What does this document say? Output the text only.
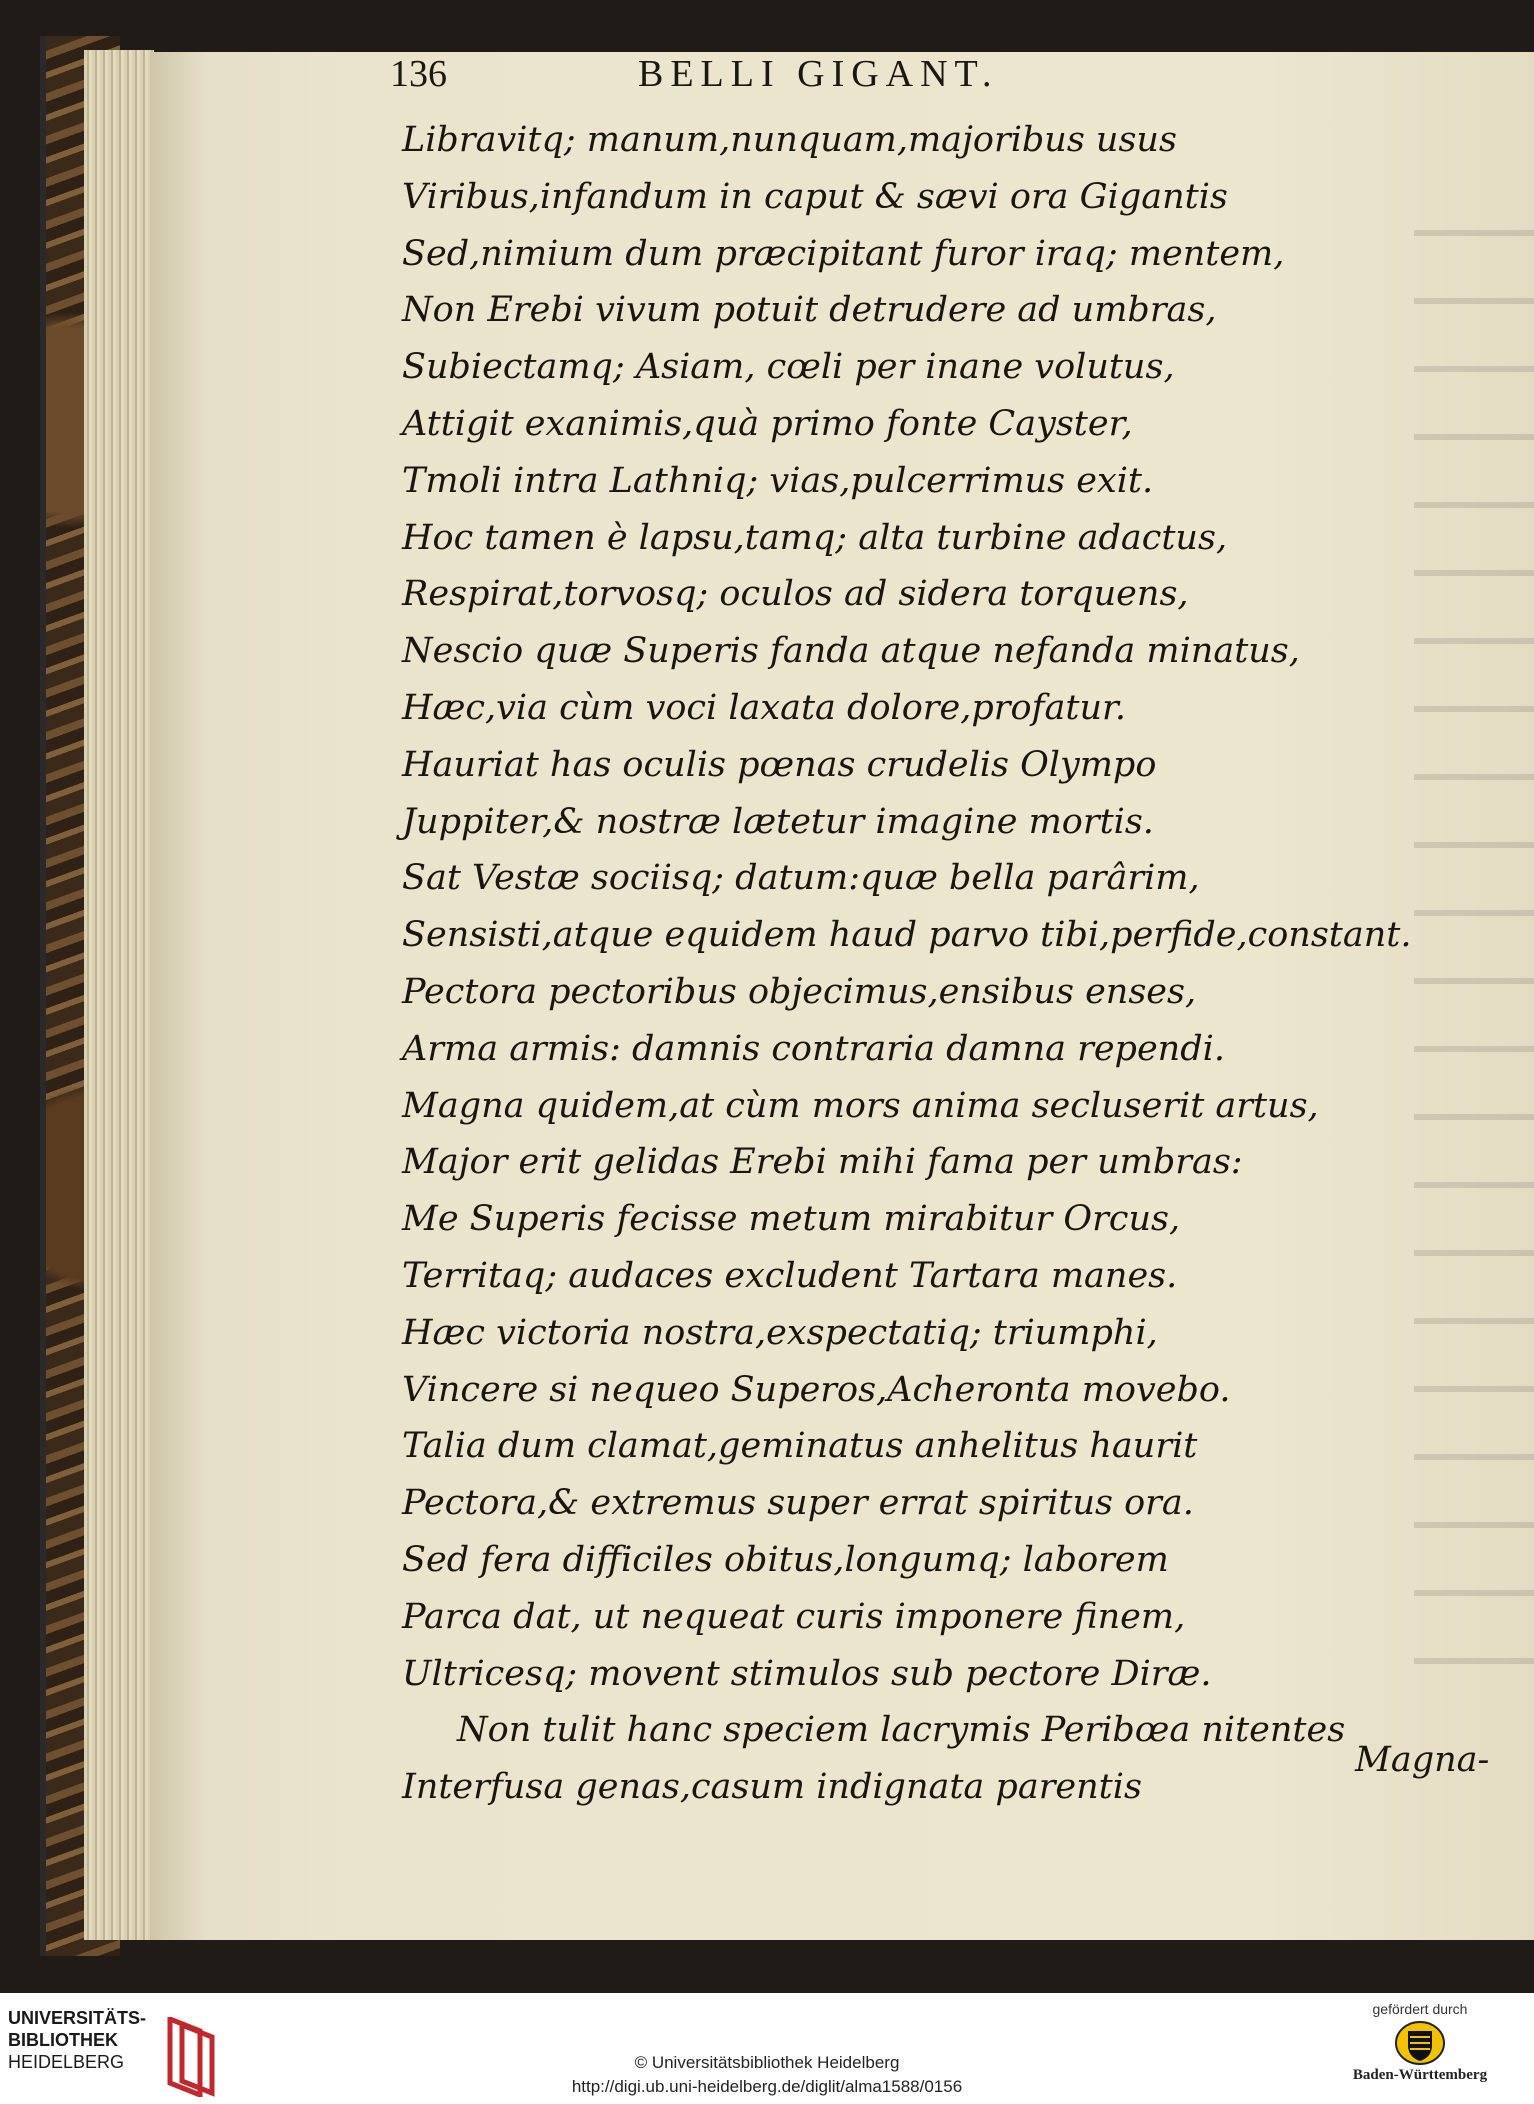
136	BELLI GIGANT.
Libravitq; manum,nunquam,majoribus usus
Viribus,infandum in caput & sævi ora Gigantis
Sed,nimium dum præcipitant furor iraq; mentem,
Non Erebi vivum potuit detrudere ad umbras,
Subiectamq; Asiam, cœli per inane volutus,
Attigit exanimis,quà primo fonte Cayster,
Tmoli intra Lathniq; vias,pulcerrimus exit.
Hoc tamen è lapsu,tamq; alta turbine adactus,
Respirat,torvosq; oculos ad sidera torquens,
Nescio quæ Superis fanda atque nefanda minatus,
Hæc,via cùm voci laxata dolore,profatur.
Hauriat has oculis pœnas crudelis Olympo
Juppiter,& nostræ lætetur imagine mortis.
Sat Vestæ sociisq; datum:quæ bella parârim,
Sensisti,atque equidem haud parvo tibi,perfide,constant.
Pectora pectoribus objecimus,ensibus enses,
Arma armis: damnis contraria damna rependi.
Magna quidem,at cùm mors anima secluserit artus,
Major erit gelidas Erebi mihi fama per umbras:
Me Superis fecisse metum mirabitur Orcus,
Territaq; audaces excludent Tartara manes.
Hæc victoria nostra,exspectatiq; triumphi,
Vincere si nequeo Superos,Acheronta movebo.
Talia dum clamat,geminatus anhelitus haurit
Pectora,& extremus super errat spiritus ora.
Sed fera difficiles obitus,longumq; laborem
Parca dat, ut nequeat curis imponere finem,
Ultricesq; movent stimulos sub pectore Diræ.
Non tulit hanc speciem lacrymis Peribœa nitentes
Interfusa genas,casum indignata parentis
Magna-
UNIVERSITÄTS-
BIBLIOTHEK
HEIDELBERG	© Universitätsbibliothek Heidelberg
http://digi.ub.uni-heidelberg.de/diglit/alma1588/0156
gefördert durch
Baden-Württemberg
